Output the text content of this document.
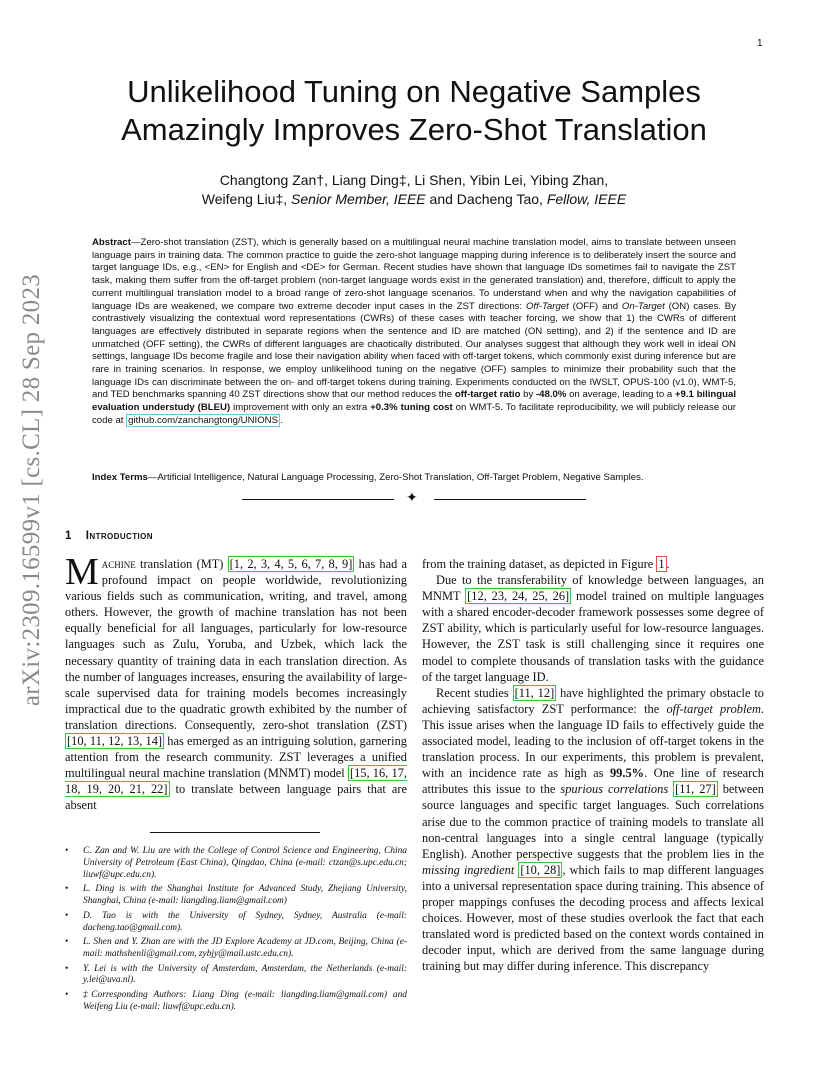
1
arXiv:2309.16599v1 [cs.CL] 28 Sep 2023
Unlikelihood Tuning on Negative Samples
Amazingly Improves Zero-Shot Translation
Changtong Zan†, Liang Ding‡, Li Shen, Yibin Lei, Yibing Zhan,
Weifeng Liu‡, Senior Member, IEEE and Dacheng Tao, Fellow, IEEE

Abstract—Zero-shot translation (ZST), which is generally based on a multilingual neural machine translation model, aims to translate between unseen language pairs in training data. The common practice to guide the zero-shot language mapping during inference is to deliberately insert the source and target language IDs, e.g., <EN> for English and <DE> for German. Recent studies have shown that language IDs sometimes fail to navigate the ZST task, making them suffer from the off-target problem (non-target language words exist in the generated translation) and, therefore, difficult to apply the current multilingual translation model to a broad range of zero-shot language scenarios. To understand when and why the navigation capabilities of language IDs are weakened, we compare two extreme decoder input cases in the ZST directions: Off-Target (OFF) and On-Target (ON) cases. By contrastively visualizing the contextual word representations (CWRs) of these cases with teacher forcing, we show that 1) the CWRs of different languages are effectively distributed in separate regions when the sentence and ID are matched (ON setting), and 2) if the sentence and ID are unmatched (OFF setting), the CWRs of different languages are chaotically distributed. Our analyses suggest that although they work well in ideal ON settings, language IDs become fragile and lose their navigation ability when faced with off-target tokens, which commonly exist during inference but are rare in training scenarios. In response, we employ unlikelihood tuning on the negative (OFF) samples to minimize their probability such that the language IDs can discriminate between the on- and off-target tokens during training. Experiments conducted on the IWSLT, OPUS-100 (v1.0), WMT-5, and TED benchmarks spanning 40 ZST directions show that our method reduces the off-target ratio by -48.0% on average, leading to a +9.1 bilingual evaluation understudy (BLEU) improvement with only an extra +0.3% tuning cost on WMT-5. To facilitate reproducibility, we will publicly release our code at github.com/zanchangtong/UNIONS .

Index Terms—Artificial Intelligence, Natural Language Processing, Zero-Shot Translation, Off-Target Problem, Negative Samples.

✦
1 Introduction

Machine translation (MT) [1, 2, 3, 4, 5, 6, 7, 8, 9] has had a profound impact on people worldwide, revolutionizing various fields such as communication, writing, and travel, among others. However, the growth of machine translation has not been equally beneficial for all languages, particularly for low-resource languages such as Zulu, Yoruba, and Uzbek, which lack the necessary quantity of training data in each translation direction. As the number of languages increases, ensuring the availability of large-scale supervised data for training models becomes increasingly impractical due to the quadratic growth exhibited by the number of translation directions. Consequently, zero-shot translation (ZST) [10, 11, 12, 13, 14] has emerged as an intriguing solution, garnering attention from the research community. ZST leverages a unified multilingual neural machine translation (MNMT) model [15, 16, 17, 18, 19, 20, 21, 22] to translate between language pairs that are absent

• C. Zan and W. Liu are with the College of Control Science and Engineering, China University of Petroleum (East China), Qingdao, China (e-mail: ctzan@s.upc.edu.cn; liuwf@upc.edu.cn).
• L. Ding is with the Shanghai Institute for Advanced Study, Zhejiang University, Shanghai, China (e-mail: liangding.liam@gmail.com)
• D. Tao is with the University of Sydney, Sydney, Australia (e-mail: dacheng.tao@gmail.com).
• L. Shen and Y. Zhan are with the JD Explore Academy at JD.com, Beijing, China (e-mail: mathshenli@gmail.com, zybjy@mail.ustc.edu.cn).
• Y. Lei is with the University of Amsterdam, Amsterdam, the Netherlands (e-mail: y.lei@uva.nl).
• ‡Corresponding Authors: Liang Ding (e-mail: liangding.liam@gmail.com) and Weifeng Liu (e-mail: liuwf@upc.edu.cn).

from the training dataset, as depicted in Figure 1 .

Due to the transferability of knowledge between languages, an MNMT [12, 23, 24, 25, 26] model trained on multiple languages with a shared encoder-decoder framework possesses some degree of ZST ability, which is particularly useful for low-resource languages. However, the ZST task is still challenging since it requires one model to complete thousands of translation tasks with the guidance of the target language ID.

Recent studies [11, 12] have highlighted the primary obstacle to achieving satisfactory ZST performance: the off-target problem. This issue arises when the language ID fails to effectively guide the associated model, leading to the inclusion of off-target tokens in the translation process. In our experiments, this problem is prevalent, with an incidence rate as high as 99.5%. One line of research attributes this issue to the spurious correlations [11, 27] between source languages and specific target languages. Such correlations arise due to the common practice of training models to translate all non-central languages into a single central language (typically English). Another perspective suggests that the problem lies in the missing ingredient [10, 28] , which fails to map different languages into a universal representation space during training. This absence of proper mappings confuses the decoding process and affects lexical choices. However, most of these studies overlook the fact that each translated word is predicted based on the context words contained in decoder input, which are derived from the same language during training but may differ during inference. This discrepancy
